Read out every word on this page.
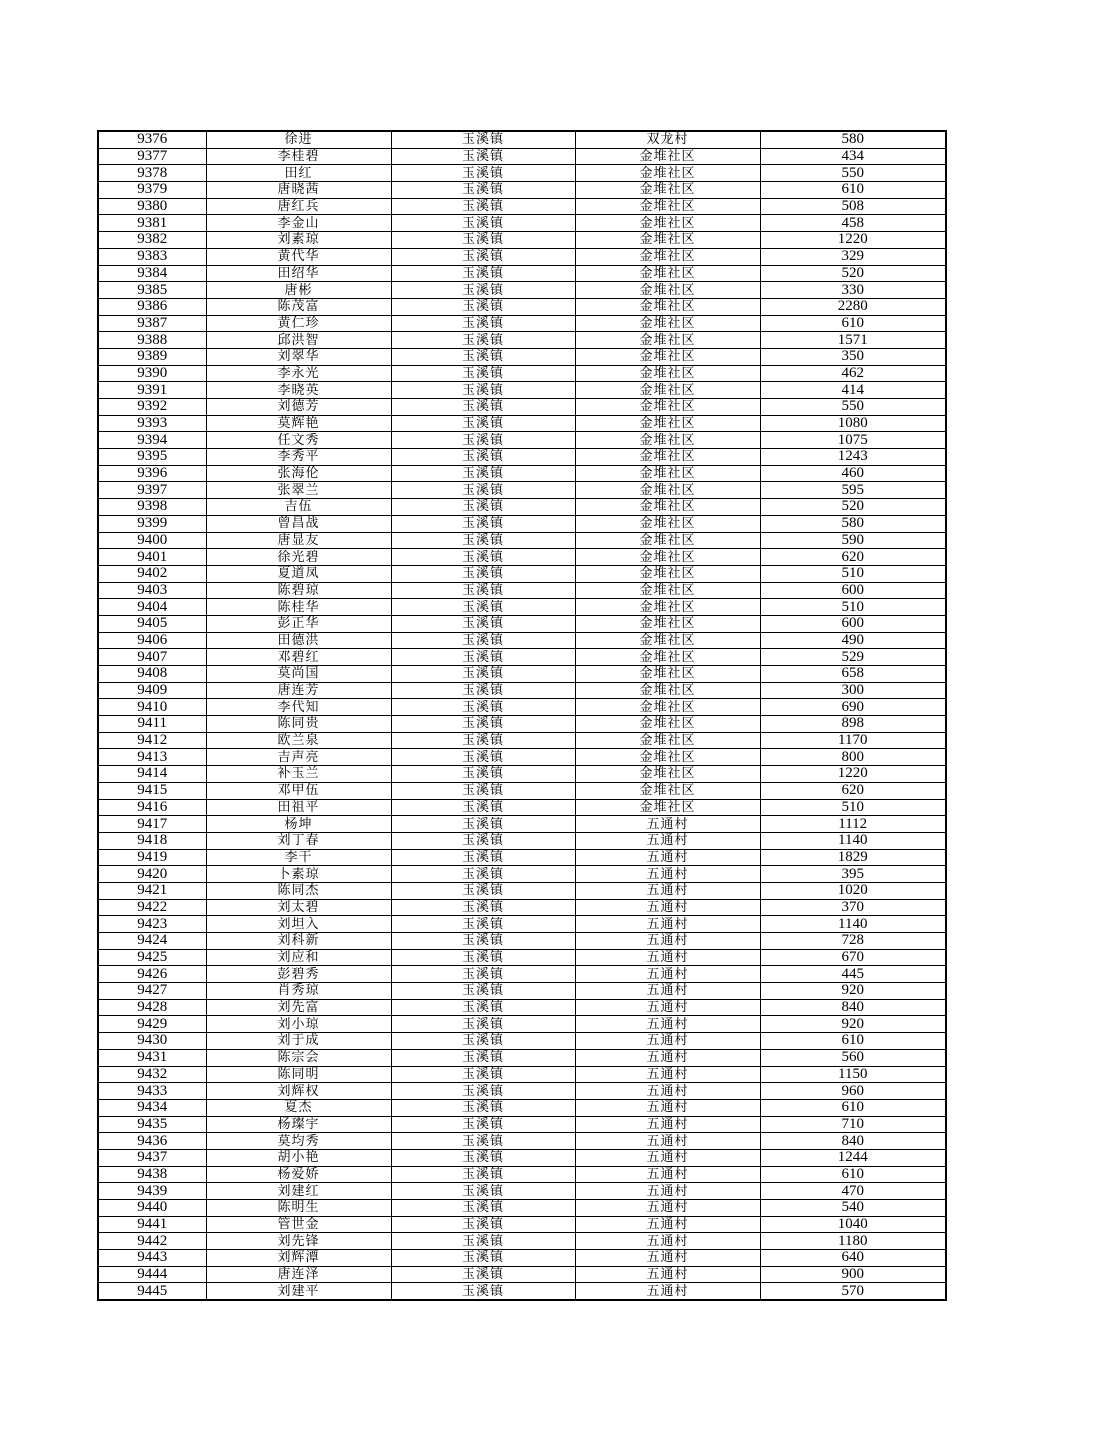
9376	徐进	玉溪镇	双龙村	580
9377	李桂碧	玉溪镇	金堆社区	434
9378	田红	玉溪镇	金堆社区	550
9379	唐晓茜	玉溪镇	金堆社区	610
9380	唐红兵	玉溪镇	金堆社区	508
9381	李金山	玉溪镇	金堆社区	458
9382	刘素琼	玉溪镇	金堆社区	1220
9383	黄代华	玉溪镇	金堆社区	329
9384	田绍华	玉溪镇	金堆社区	520
9385	唐彬	玉溪镇	金堆社区	330
9386	陈茂富	玉溪镇	金堆社区	2280
9387	黄仁珍	玉溪镇	金堆社区	610
9388	邱洪智	玉溪镇	金堆社区	1571
9389	刘翠华	玉溪镇	金堆社区	350
9390	李永光	玉溪镇	金堆社区	462
9391	李晓英	玉溪镇	金堆社区	414
9392	刘德芳	玉溪镇	金堆社区	550
9393	莫辉艳	玉溪镇	金堆社区	1080
9394	任文秀	玉溪镇	金堆社区	1075
9395	李秀平	玉溪镇	金堆社区	1243
9396	张海伦	玉溪镇	金堆社区	460
9397	张翠兰	玉溪镇	金堆社区	595
9398	吉伍	玉溪镇	金堆社区	520
9399	曾昌战	玉溪镇	金堆社区	580
9400	唐显友	玉溪镇	金堆社区	590
9401	徐光碧	玉溪镇	金堆社区	620
9402	夏道凤	玉溪镇	金堆社区	510
9403	陈碧琼	玉溪镇	金堆社区	600
9404	陈桂华	玉溪镇	金堆社区	510
9405	彭正华	玉溪镇	金堆社区	600
9406	田德洪	玉溪镇	金堆社区	490
9407	邓碧红	玉溪镇	金堆社区	529
9408	莫尚国	玉溪镇	金堆社区	658
9409	唐连芳	玉溪镇	金堆社区	300
9410	李代知	玉溪镇	金堆社区	690
9411	陈同贵	玉溪镇	金堆社区	898
9412	欧兰泉	玉溪镇	金堆社区	1170
9413	吉声亮	玉溪镇	金堆社区	800
9414	补玉兰	玉溪镇	金堆社区	1220
9415	邓甲伍	玉溪镇	金堆社区	620
9416	田祖平	玉溪镇	金堆社区	510
9417	杨坤	玉溪镇	五通村	1112
9418	刘丁春	玉溪镇	五通村	1140
9419	李干	玉溪镇	五通村	1829
9420	卜素琼	玉溪镇	五通村	395
9421	陈同杰	玉溪镇	五通村	1020
9422	刘太碧	玉溪镇	五通村	370
9423	刘坦入	玉溪镇	五通村	1140
9424	刘科新	玉溪镇	五通村	728
9425	刘应和	玉溪镇	五通村	670
9426	彭碧秀	玉溪镇	五通村	445
9427	肖秀琼	玉溪镇	五通村	920
9428	刘先富	玉溪镇	五通村	840
9429	刘小琼	玉溪镇	五通村	920
9430	刘于成	玉溪镇	五通村	610
9431	陈宗会	玉溪镇	五通村	560
9432	陈同明	玉溪镇	五通村	1150
9433	刘辉权	玉溪镇	五通村	960
9434	夏杰	玉溪镇	五通村	610
9435	杨璨宇	玉溪镇	五通村	710
9436	莫均秀	玉溪镇	五通村	840
9437	胡小艳	玉溪镇	五通村	1244
9438	杨爱娇	玉溪镇	五通村	610
9439	刘建红	玉溪镇	五通村	470
9440	陈明生	玉溪镇	五通村	540
9441	管世金	玉溪镇	五通村	1040
9442	刘先锋	玉溪镇	五通村	1180
9443	刘辉潭	玉溪镇	五通村	640
9444	唐连泽	玉溪镇	五通村	900
9445	刘建平	玉溪镇	五通村	570
